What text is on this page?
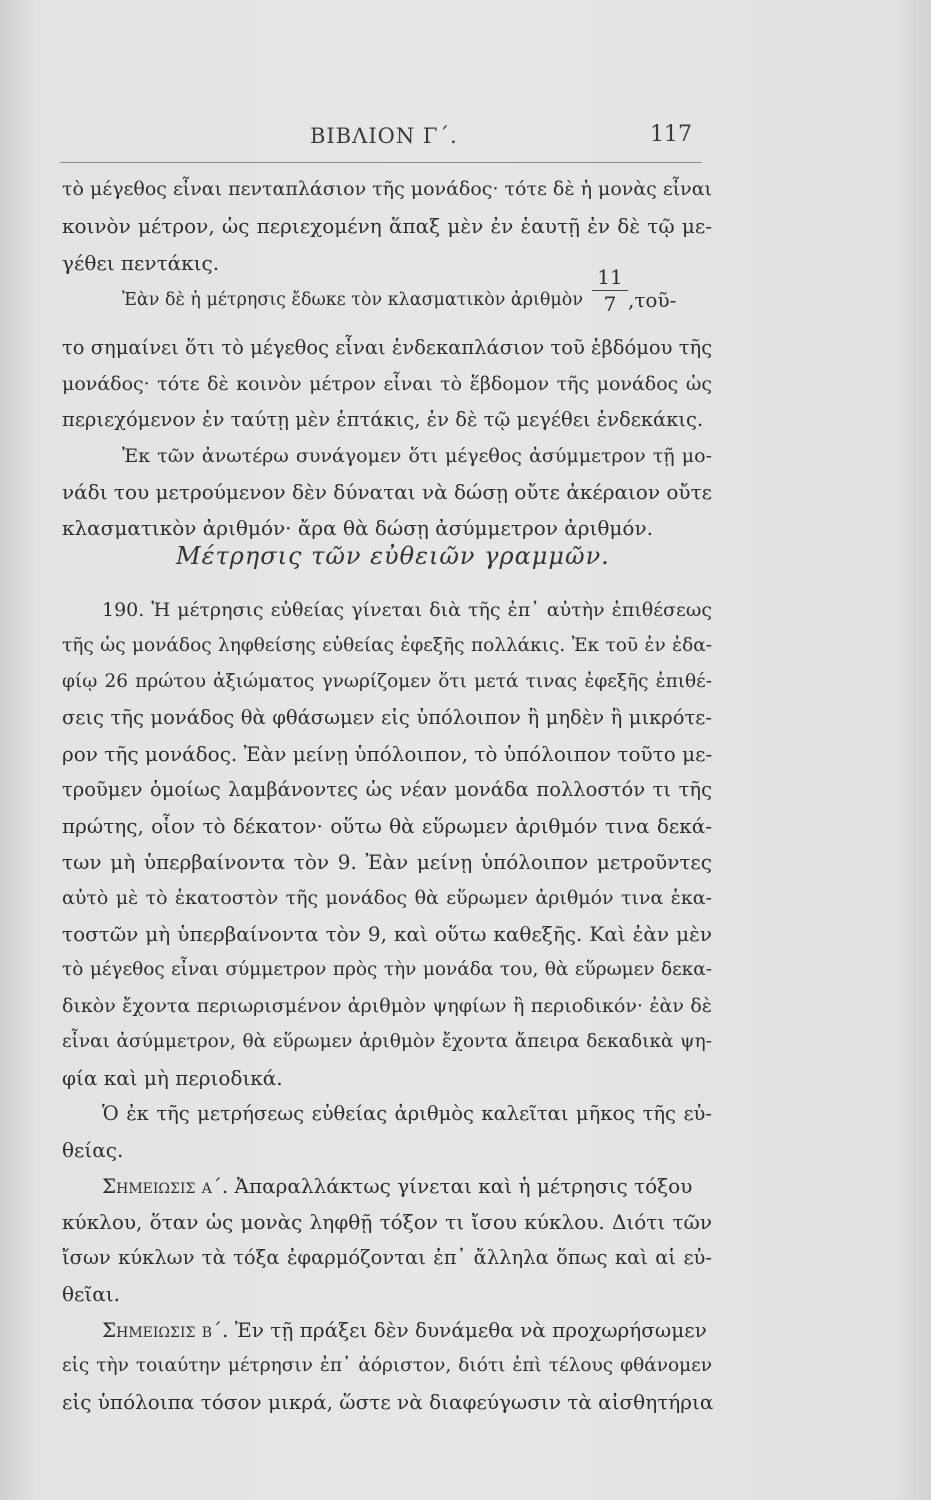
ΒΙΒΛΙΟΝ Γ΄.	117
τὸ μέγεθος εἶναι πενταπλάσιον τῆς μονάδος· τότε δὲ ἡ μονὰς εἶναι
κοινὸν μέτρον, ὡς περιεχομένη ἅπαξ μὲν ἐν ἑαυτῇ ἐν δὲ τῷ με-
γέθει πεντάκις.
Ἐὰν δὲ ἡ μέτρησις ἔδωκε τὸν κλασματικὸν ἀριθμὸν
11
7 ,τοῦ-
το σημαίνει ὅτι τὸ μέγεθος εἶναι ἑνδεκαπλάσιον τοῦ ἑβδόμου τῆς
μονάδος· τότε δὲ κοινὸν μέτρον εἶναι τὸ ἕβδομον τῆς μονάδος ὡς
περιεχόμενον ἐν ταύτῃ μὲν ἑπτάκις, ἐν δὲ τῷ μεγέθει ἑνδεκάκις.
Ἐκ τῶν ἀνωτέρω συνάγομεν ὅτι μέγεθος ἀσύμμετρον τῇ μο-
νάδι του μετρούμενον δὲν δύναται νὰ δώσῃ οὔτε ἀκέραιον οὔτε
κλασματικὸν ἀριθμόν· ἄρα θὰ δώσῃ ἀσύμμετρον ἀριθμόν.
Μέτρησις τῶν εὐθειῶν γραμμῶν.
190. Ἡ μέτρησις εὐθείας γίνεται διὰ τῆς ἐπ᾽ αὐτὴν ἐπιθέσεως
τῆς ὡς μονάδος ληφθείσης εὐθείας ἐφεξῆς πολλάκις. Ἐκ τοῦ ἐν ἐδα-
φίῳ 26 πρώτου ἀξιώματος γνωρίζομεν ὅτι μετά τινας ἐφεξῆς ἐπιθέ-
σεις τῆς μονάδος θὰ φθάσωμεν εἰς ὑπόλοιπον ἢ μηδὲν ἢ μικρότε-
ρον τῆς μονάδος. Ἐὰν μείνῃ ὑπόλοιπον, τὸ ὑπόλοιπον τοῦτο με-
τροῦμεν ὁμοίως λαμβάνοντες ὡς νέαν μονάδα πολλοστόν τι τῆς
πρώτης, οἷον τὸ δέκατον· οὕτω θὰ εὕρωμεν ἀριθμόν τινα δεκά-
των μὴ ὑπερβαίνοντα τὸν 9. Ἐὰν μείνῃ ὑπόλοιπον μετροῦντες
αὐτὸ μὲ τὸ ἑκατοστὸν τῆς μονάδος θὰ εὕρωμεν ἀριθμόν τινα ἑκα-
τοστῶν μὴ ὑπερβαίνοντα τὸν 9, καὶ οὕτω καθεξῆς. Καὶ ἐὰν μὲν
τὸ μέγεθος εἶναι σύμμετρον πρὸς τὴν μονάδα του, θὰ εὕρωμεν δεκα-
δικὸν ἔχοντα περιωρισμένον ἀριθμὸν ψηφίων ἢ περιοδικόν· ἐὰν δὲ
εἶναι ἀσύμμετρον, θὰ εὕρωμεν ἀριθμὸν ἔχοντα ἄπειρα δεκαδικὰ ψη-
φία καὶ μὴ περιοδικά.
Ὁ ἐκ τῆς μετρήσεως εὐθείας ἀριθμὸς καλεῖται μῆκος τῆς εὐ-
θείας.
Σημειωσισ α΄. Ἀπαραλλάκτως γίνεται καὶ ἡ μέτρησις τόξου
κύκλου, ὅταν ὡς μονὰς ληφθῇ τόξον τι ἴσου κύκλου. Διότι τῶν
ἴσων κύκλων τὰ τόξα ἐφαρμόζονται ἐπ᾽ ἄλληλα ὅπως καὶ αἱ εὐ-
θεῖαι.
Σημειωσισ β΄. Ἐν τῇ πράξει δὲν δυνάμεθα νὰ προχωρήσωμεν
εἰς τὴν τοιαύτην μέτρησιν ἐπ᾽ ἀόριστον, διότι ἐπὶ τέλους φθάνομεν
εἰς ὑπόλοιπα τόσον μικρά, ὥστε νὰ διαφεύγωσιν τὰ αἰσθητήρια
